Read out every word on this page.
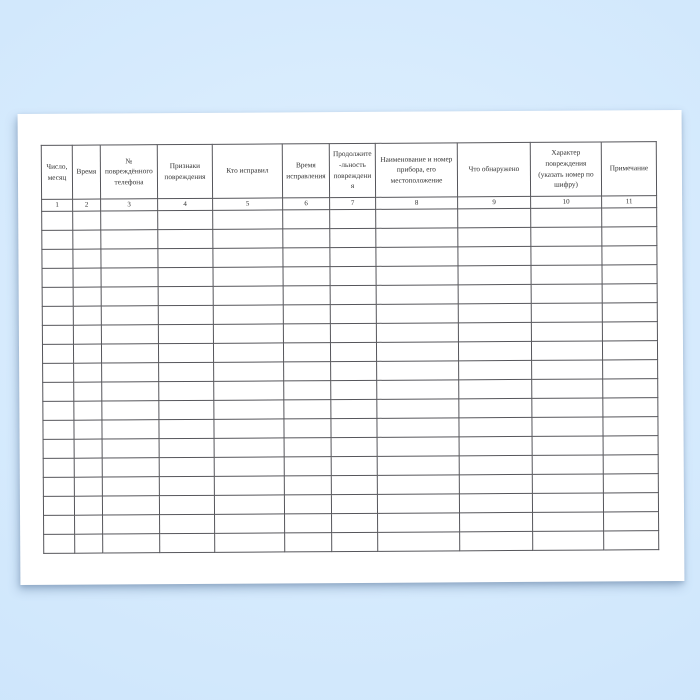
Число, месяц	Время	№ повреждённого телефона	Признаки повреждения	Кто исправил	Время исправления	Продолжите-льность повреждения	Наименование и номер прибора, его местоположение	Что обнаружено	Характер повреждения (указать номер по шифру)	Примечание
1	2	3	4	5	6	7	8	9	10	11
